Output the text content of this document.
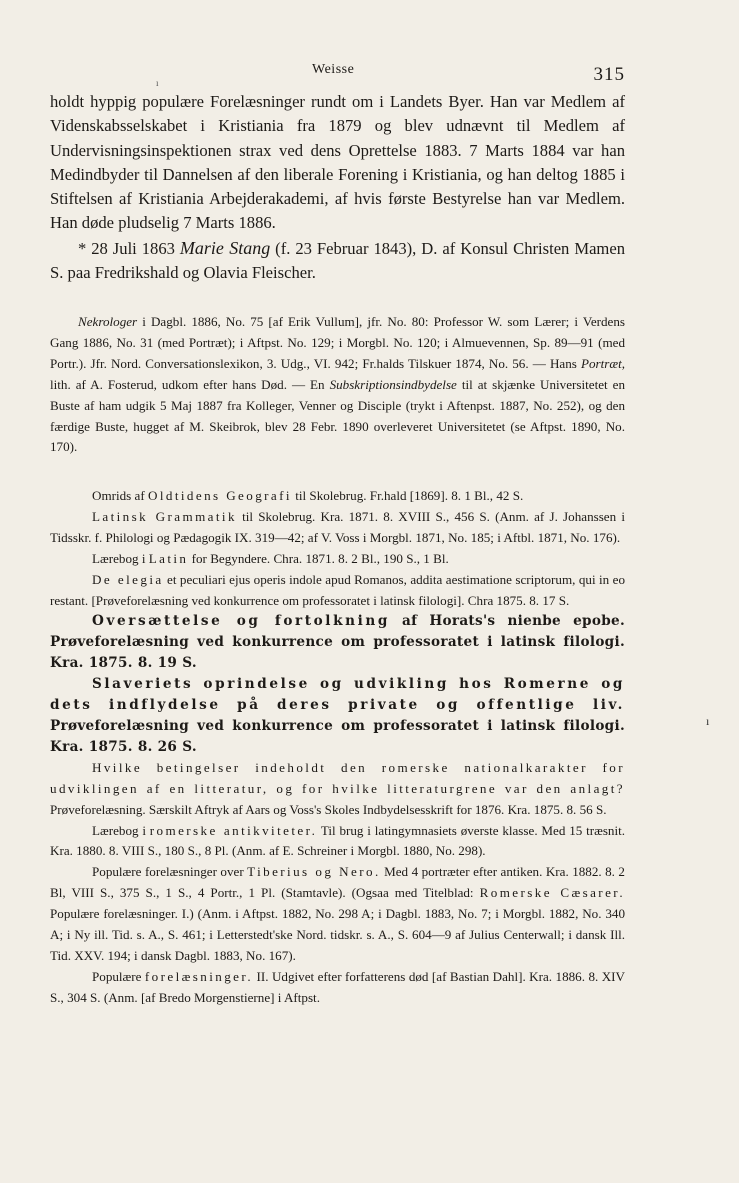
Weisse
ı	315

holdt hyppig populære Forelæsninger rundt om i Landets Byer. Han var Medlem af Videnskabsselskabet i Kristiania fra 1879 og blev udnævnt til Medlem af Undervisningsinspektionen strax ved dens Oprettelse 1883. 7 Marts 1884 var han Medindbyder til Dannelsen af den liberale Forening i Kristiania, og han deltog 1885 i Stiftelsen af Kristiania Arbejderakademi, af hvis første Bestyrelse han var Medlem. Han døde pludselig 7 Marts 1886.

* 28 Juli 1863 Marie Stang (f. 23 Februar 1843), D. af Konsul Christen Mamen S. paa Fredrikshald og Olavia Fleischer.

Nekrologer i Dagbl. 1886, No. 75 [af Erik Vullum], jfr. No. 80: Professor W. som Lærer; i Verdens Gang 1886, No. 31 (med Portræt); i Aftpst. No. 129; i Morgbl. No. 120; i Almuevennen, Sp. 89—91 (med Portr.). Jfr. Nord. Conversationslexikon, 3. Udg., VI. 942; Fr.halds Tilskuer 1874, No. 56. — Hans Portræt, lith. af A. Fosterud, udkom efter hans Død. — En Subskriptionsindbydelse til at skjænke Universitetet en Buste af ham udgik 5 Maj 1887 fra Kolleger, Venner og Disciple (trykt i Aftenpst. 1887, No. 252), og den færdige Buste, hugget af M. Skeibrok, blev 28 Febr. 1890 overleveret Universitetet (se Aftpst. 1890, No. 170).

Omrids af Oldtidens Geografi til Skolebrug. Fr.hald [1869]. 8. 1 Bl., 42 S.

Latinsk Grammatik til Skolebrug. Kra. 1871. 8. XVIII S., 456 S. (Anm. af J. Johanssen i Tidsskr. f. Philologi og Pædagogik IX. 319—42; af V. Voss i Morgbl. 1871, No. 185; i Aftbl. 1871, No. 176).

Lærebog i Latin for Begyndere. Chra. 1871. 8. 2 Bl., 190 S., 1 Bl.

De elegia et peculiari ejus operis indole apud Romanos, addita aestimatione scriptorum, qui in eo restant. [Prøveforelæsning ved konkurrence om professoratet i latinsk filologi]. Chra 1875. 8. 17 S.

Oversættelse og fortolkning af Horats's nienbe epobe. Prøveforelæsning ved konkurrence om professoratet i latinsk filologi. Kra. 1875. 8. 19 S.

Slaveriets oprindelse og udvikling hos Romerne og dets indflydelse på deres private og offentlige liv. Prøveforelæsning ved konkurrence om professoratet i latinsk filologi. Kra. 1875. 8. 26 S.

Hvilke betingelser indeholdt den romerske nationalkarakter for udviklingen af en litteratur, og for hvilke litteraturgrene var den anlagt? Prøveforelæsning. Særskilt Aftryk af Aars og Voss's Skoles Indbydelsesskrift for 1876. Kra. 1875. 8. 56 S.

Lærebog i romerske antikviteter. Til brug i latingymnasiets øverste klasse. Med 15 træsnit. Kra. 1880. 8. VIII S., 180 S., 8 Pl. (Anm. af E. Schreiner i Morgbl. 1880, No. 298).

Populære forelæsninger over Tiberius og Nero. Med 4 portræter efter antiken. Kra. 1882. 8. 2 Bl, VIII S., 375 S., 1 S., 4 Portr., 1 Pl. (Stamtavle). (Ogsaa med Titelblad: Romerske Cæsarer. Populære forelæsninger. I.) (Anm. i Aftpst. 1882, No. 298 A; i Dagbl. 1883, No. 7; i Morgbl. 1882, No. 340 A; i Ny ill. Tid. s. A., S. 461; i Letterstedt'ske Nord. tidskr. s. A., S. 604—9 af Julius Centerwall; i dansk Ill. Tid. XXV. 194; i dansk Dagbl. 1883, No. 167).

Populære forelæsninger. II. Udgivet efter forfatterens død [af Bastian Dahl]. Kra. 1886. 8. XIV S., 304 S. (Anm. [af Bredo Morgenstierne] i Aftpst.

ı
